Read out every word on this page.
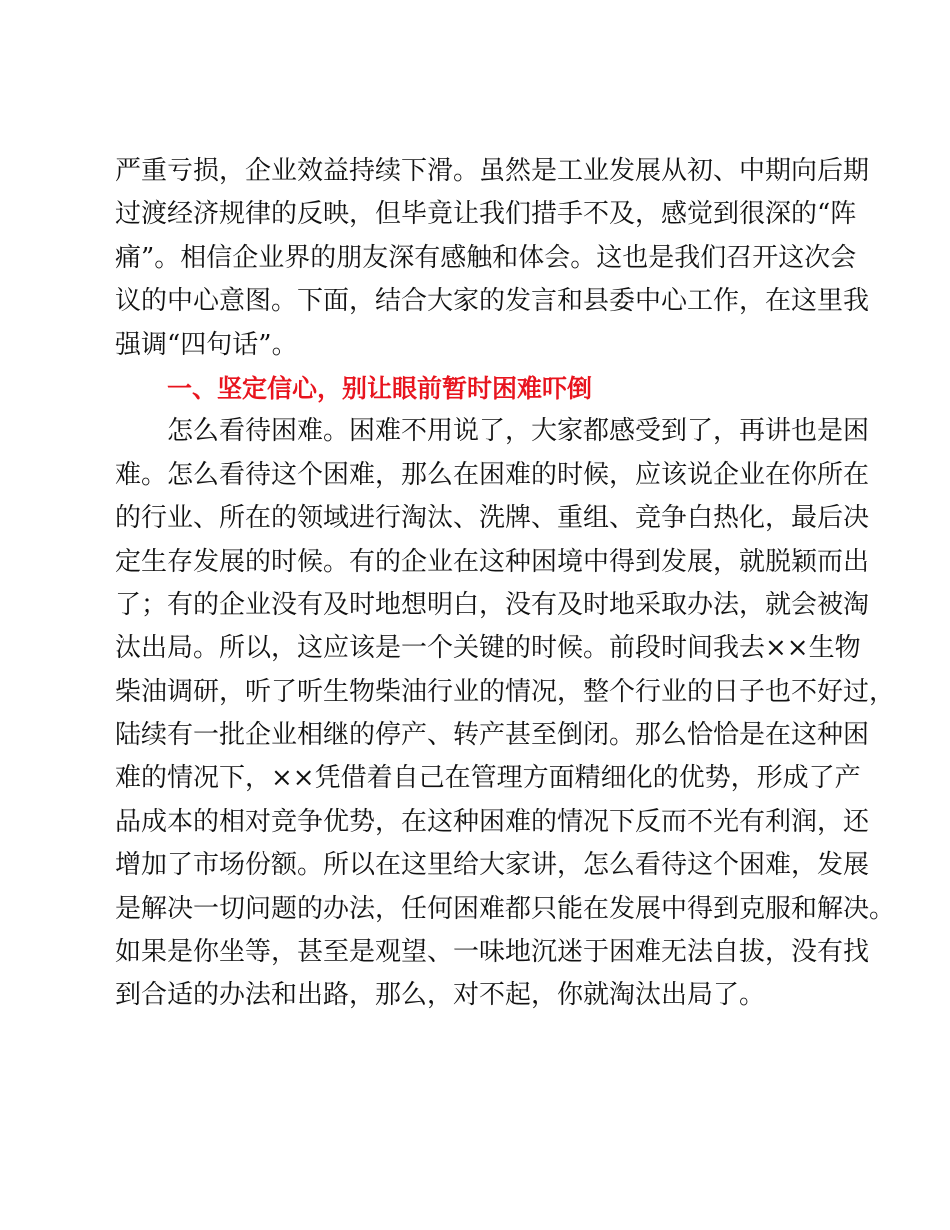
严重亏损，企业效益持续下滑。虽然是工业发展从初、中期向后期
过渡经济规律的反映，但毕竟让我们措手不及，感觉到很深的“阵
痛”。相信企业界的朋友深有感触和体会。这也是我们召开这次会
议的中心意图。下面，结合大家的发言和县委中心工作，在这里我
强调“四句话”。
一、坚定信心，别让眼前暂时困难吓倒
怎么看待困难。困难不用说了，大家都感受到了，再讲也是困
难。怎么看待这个困难，那么在困难的时候，应该说企业在你所在
的行业、所在的领域进行淘汰、洗牌、重组、竞争白热化，最后决
定生存发展的时候。有的企业在这种困境中得到发展，就脱颖而出
了；有的企业没有及时地想明白，没有及时地采取办法，就会被淘
汰出局。所以，这应该是一个关键的时候。前段时间我去××生物
柴油调研，听了听生物柴油行业的情况，整个行业的日子也不好过，
陆续有一批企业相继的停产、转产甚至倒闭。那么恰恰是在这种困
难的情况下，××凭借着自己在管理方面精细化的优势，形成了产
品成本的相对竞争优势，在这种困难的情况下反而不光有利润，还
增加了市场份额。所以在这里给大家讲，怎么看待这个困难，发展
是解决一切问题的办法，任何困难都只能在发展中得到克服和解决。
如果是你坐等，甚至是观望、一味地沉迷于困难无法自拔，没有找
到合适的办法和出路，那么，对不起，你就淘汰出局了。
